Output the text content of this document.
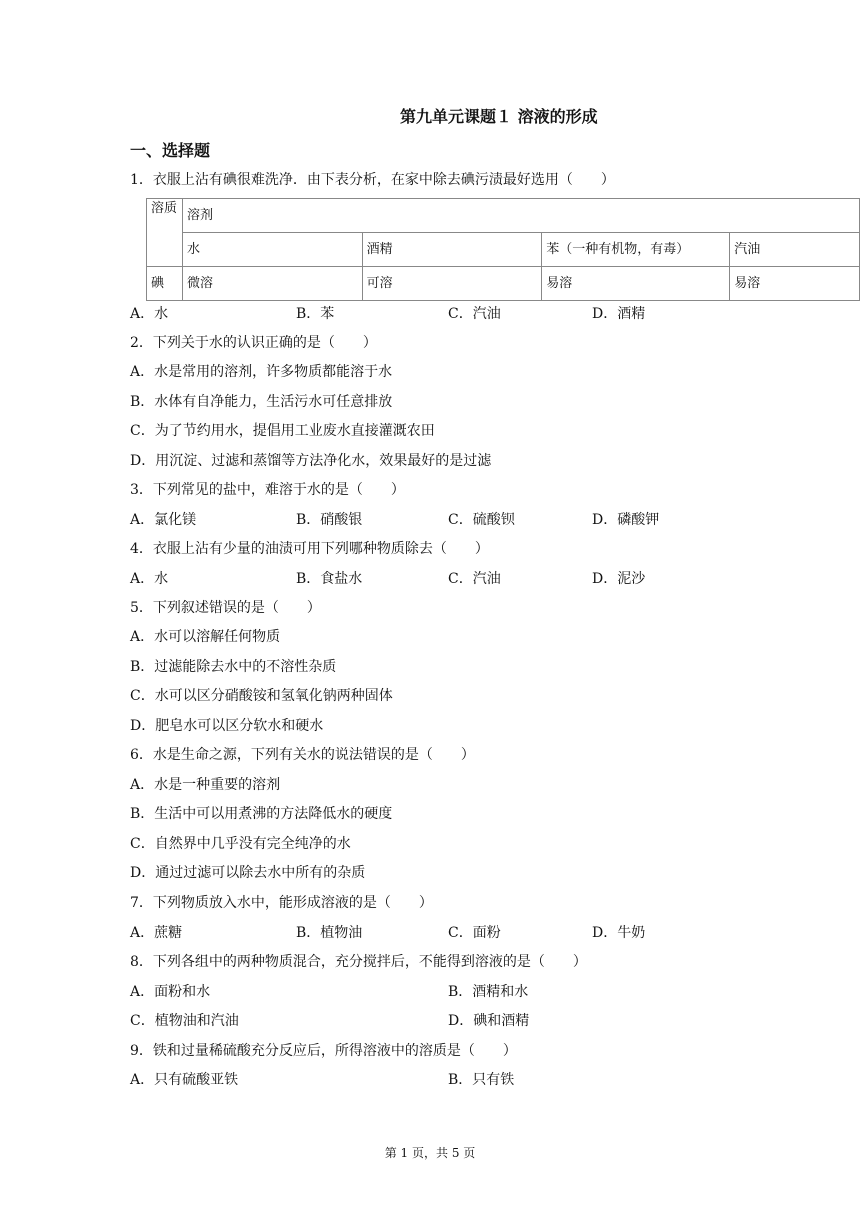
第九单元课题１ 溶液的形成
一、选择题
1．衣服上沾有碘很难洗净．由下表分析，在家中除去碘污渍最好选用（　　）
溶质	溶剂			
	水	酒精	苯（一种有机物，有毒）	汽油
碘	微溶	可溶	易溶	易溶
A．水	B．苯	C．汽油	D．酒精
2．下列关于水的认识正确的是（　　）
A．水是常用的溶剂，许多物质都能溶于水
B．水体有自净能力，生活污水可任意排放
C．为了节约用水，提倡用工业废水直接灌溉农田
D．用沉淀、过滤和蒸馏等方法净化水，效果最好的是过滤
3．下列常见的盐中，难溶于水的是（　　）
A．氯化镁	B．硝酸银	C．硫酸钡	D．磷酸钾
4．衣服上沾有少量的油渍可用下列哪种物质除去（　　）
A．水	B．食盐水	C．汽油	D．泥沙
5．下列叙述错误的是（　　）
A．水可以溶解任何物质
B．过滤能除去水中的不溶性杂质
C．水可以区分硝酸铵和氢氧化钠两种固体
D．肥皂水可以区分软水和硬水
6．水是生命之源，下列有关水的说法错误的是（　　）
A．水是一种重要的溶剂
B．生活中可以用煮沸的方法降低水的硬度
C．自然界中几乎没有完全纯净的水
D．通过过滤可以除去水中所有的杂质
7．下列物质放入水中，能形成溶液的是（　　）
A．蔗糖	B．植物油	C．面粉	D．牛奶
8．下列各组中的两种物质混合，充分搅拌后，不能得到溶液的是（　　）
A．面粉和水	B．酒精和水
C．植物油和汽油	D．碘和酒精
9．铁和过量稀硫酸充分反应后，所得溶液中的溶质是（　　）
A．只有硫酸亚铁	B．只有铁
第 1 页，共 5 页
